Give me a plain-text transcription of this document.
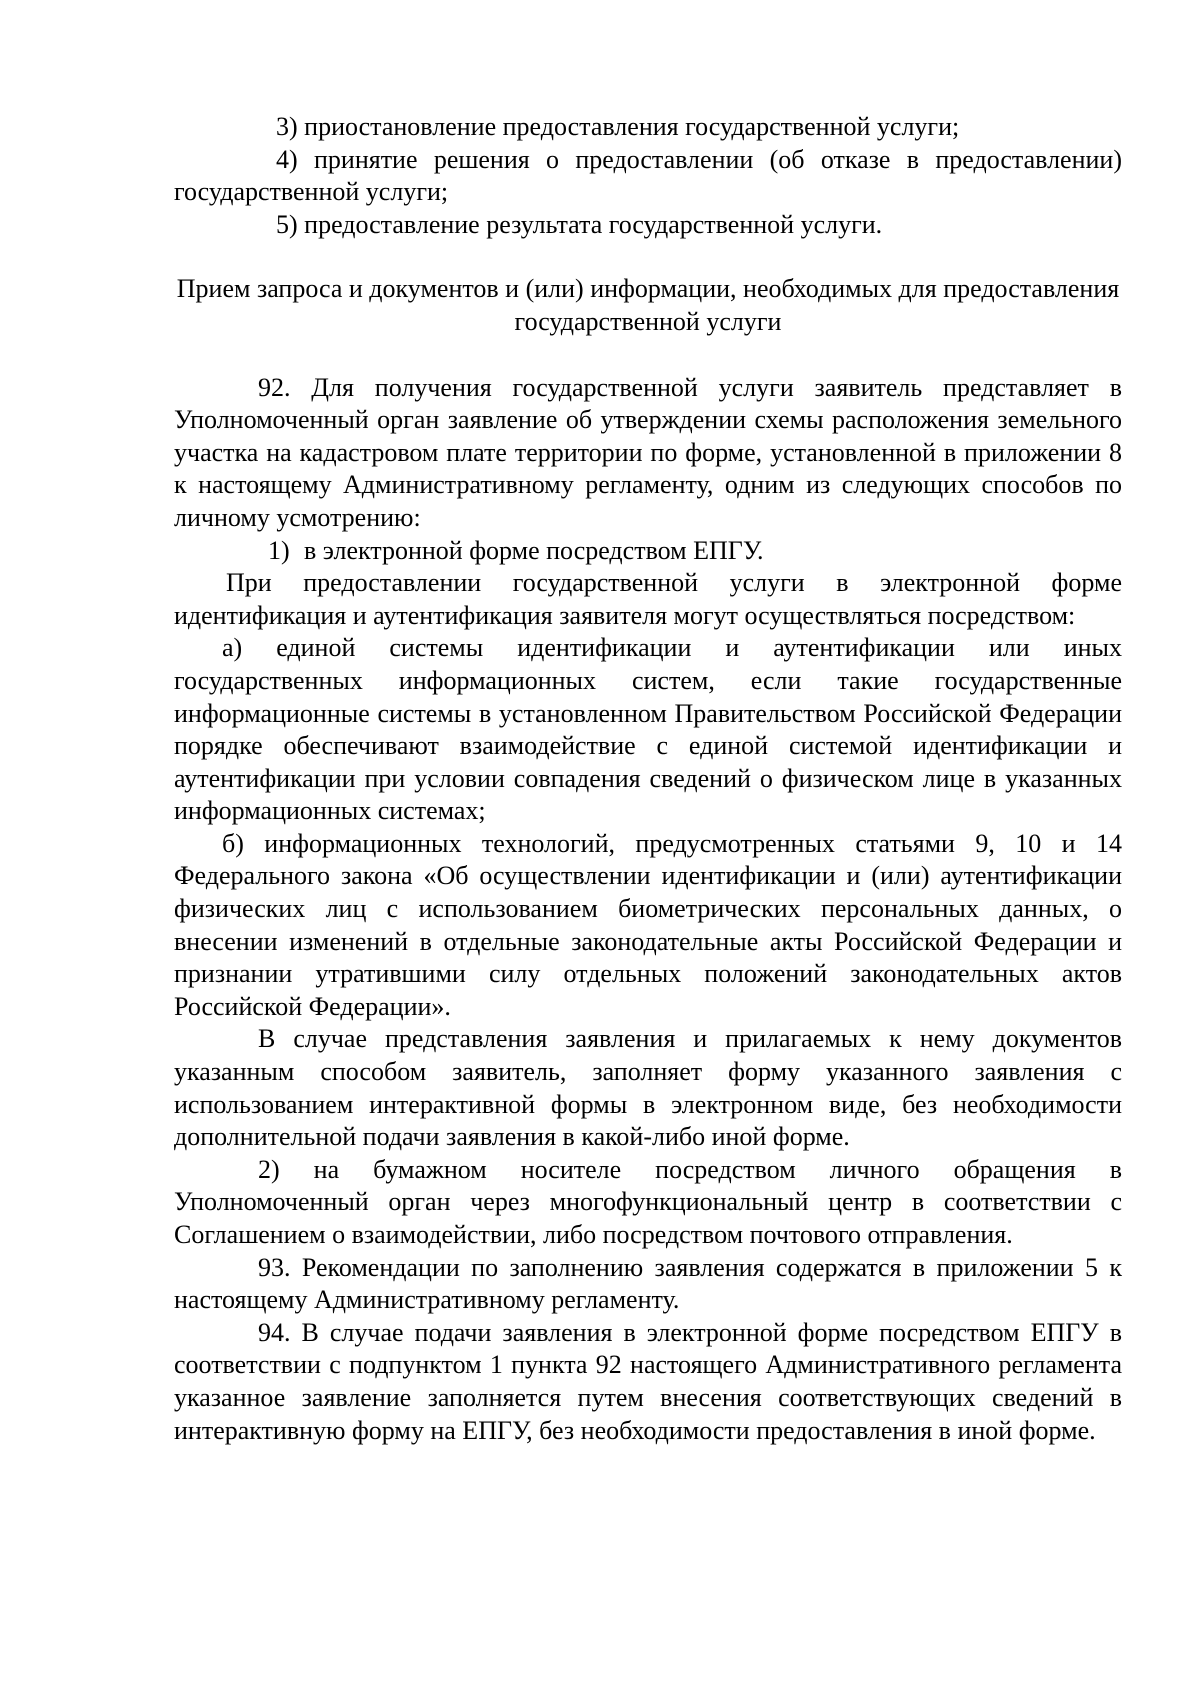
3) приостановление предоставления государственной услуги;

4) принятие решения о предоставлении (об отказе в предоставлении) государственной услуги;

5) предоставление результата государственной услуги.

Прием запроса и документов и (или) информации, необходимых для предоставления государственной услуги

92. Для получения государственной услуги заявитель представляет в Уполномоченный орган заявление об утверждении схемы расположения земельного участка на кадастровом плате территории по форме, установленной в приложении 8 к настоящему Административному регламенту, одним из следующих способов по личному усмотрению:

1) в электронной форме посредством ЕПГУ.

При предоставлении государственной услуги в электронной форме идентификация и аутентификация заявителя могут осуществляться посредством:

а) единой системы идентификации и аутентификации или иных государственных информационных систем, если такие государственные информационные системы в установленном Правительством Российской Федерации порядке обеспечивают взаимодействие с единой системой идентификации и аутентификации при условии совпадения сведений о физическом лице в указанных информационных системах;

б) информационных технологий, предусмотренных статьями 9, 10 и 14 Федерального закона «Об осуществлении идентификации и (или) аутентификации физических лиц с использованием биометрических персональных данных, о внесении изменений в отдельные законодательные акты Российской Федерации и признании утратившими силу отдельных положений законодательных актов Российской Федерации».

В случае представления заявления и прилагаемых к нему документов указанным способом заявитель, заполняет форму указанного заявления с использованием интерактивной формы в электронном виде, без необходимости дополнительной подачи заявления в какой-либо иной форме.

2) на бумажном носителе посредством личного обращения в Уполномоченный орган через многофункциональный центр в соответствии с Соглашением о взаимодействии, либо посредством почтового отправления.

93. Рекомендации по заполнению заявления содержатся в приложении 5 к настоящему Административному регламенту.

94. В случае подачи заявления в электронной форме посредством ЕПГУ в соответствии с подпунктом 1 пункта 92 настоящего Административного регламента указанное заявление заполняется путем внесения соответствующих сведений в интерактивную форму на ЕПГУ, без необходимости предоставления в иной форме.
